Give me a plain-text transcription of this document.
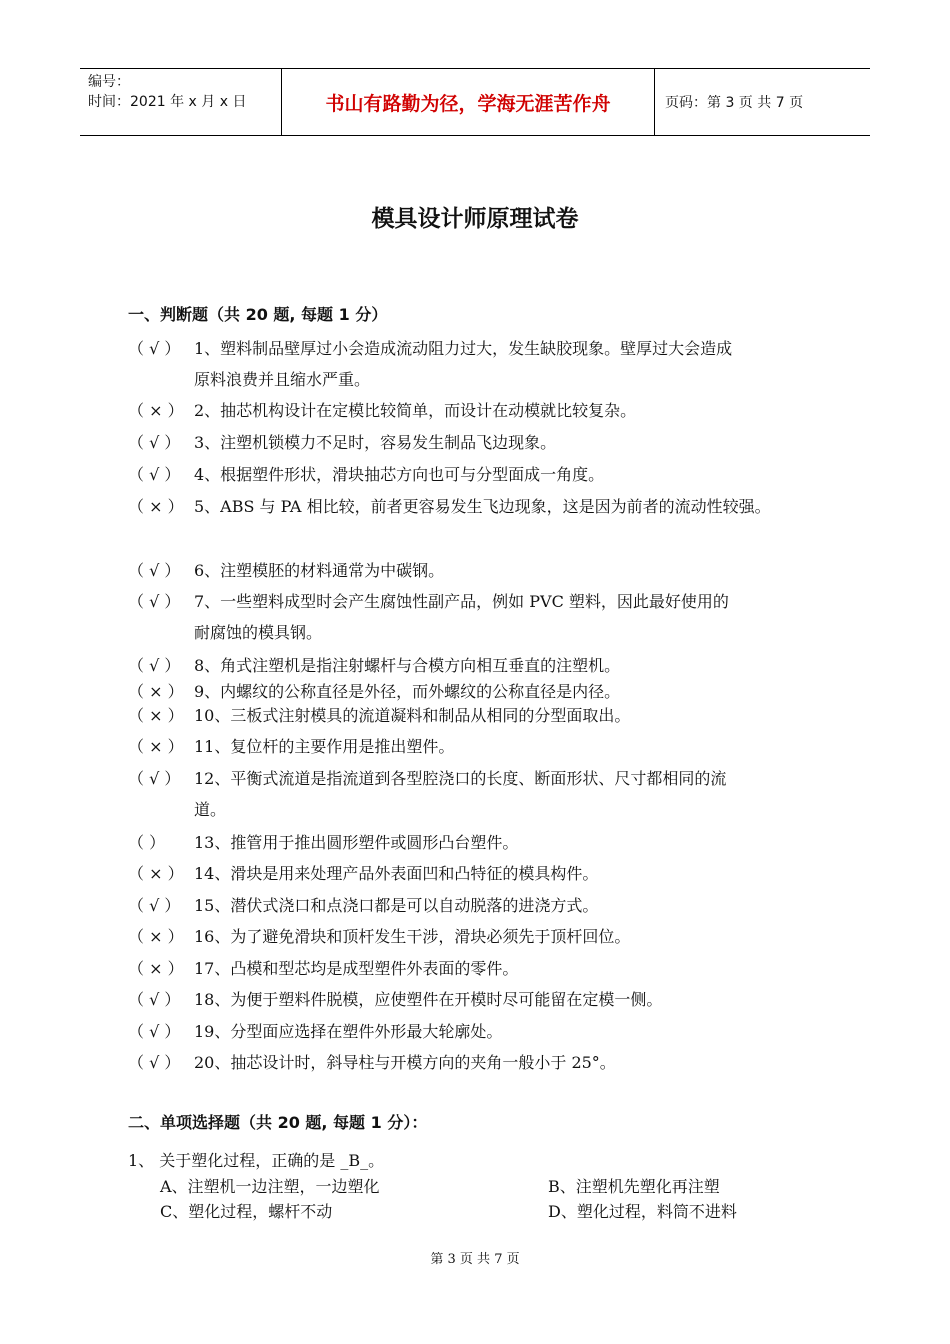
编号：
时间：2021 年 x 月 x 日	书山有路勤为径，学海无涯苦作舟	页码：第 3 页 共 7 页
模具设计师原理试卷
一、判断题（共 20 题, 每题 1 分）
（ √ ） 1、塑料制品壁厚过小会造成流动阻力过大，发生缺胶现象。壁厚过大会造成
原料浪费并且缩水严重。
（ × ） 2、抽芯机构设计在定模比较简单，而设计在动模就比较复杂。
（ √ ） 3、注塑机锁模力不足时，容易发生制品飞边现象。
（ √ ） 4、根据塑件形状，滑块抽芯方向也可与分型面成一角度。
（ × ） 5、ABS 与 PA 相比较，前者更容易发生飞边现象，这是因为前者的流动性较强。
（ √ ） 6、注塑模胚的材料通常为中碳钢。
（ √ ） 7、一些塑料成型时会产生腐蚀性副产品，例如 PVC 塑料，因此最好使用的
耐腐蚀的模具钢。
（ √ ） 8、角式注塑机是指注射螺杆与合模方向相互垂直的注塑机。
（ × ） 9、内螺纹的公称直径是外径，而外螺纹的公称直径是内径。
（ × ） 10、三板式注射模具的流道凝料和制品从相同的分型面取出。
（ × ） 11、复位杆的主要作用是推出塑件。
（ √ ） 12、平衡式流道是指流道到各型腔浇口的长度、断面形状、尺寸都相同的流
道。
（ ） 13、推管用于推出圆形塑件或圆形凸台塑件。
（ × ） 14、滑块是用来处理产品外表面凹和凸特征的模具构件。
（ √ ） 15、潜伏式浇口和点浇口都是可以自动脱落的进浇方式。
（ × ） 16、为了避免滑块和顶杆发生干涉，滑块必须先于顶杆回位。
（ × ） 17、凸模和型芯均是成型塑件外表面的零件。
（ √ ） 18、为便于塑料件脱模，应使塑件在开模时尽可能留在定模一侧。
（ √ ） 19、分型面应选择在塑件外形最大轮廓处。
（ √ ） 20、抽芯设计时，斜导柱与开模方向的夹角一般小于 25°。
二、单项选择题（共 20 题, 每题 1 分）：
1、 关于塑化过程，正确的是 _B_。
A、注塑机一边注塑，一边塑化	B、注塑机先塑化再注塑
C、塑化过程，螺杆不动	D、塑化过程，料筒不进料
第 3 页 共 7 页
